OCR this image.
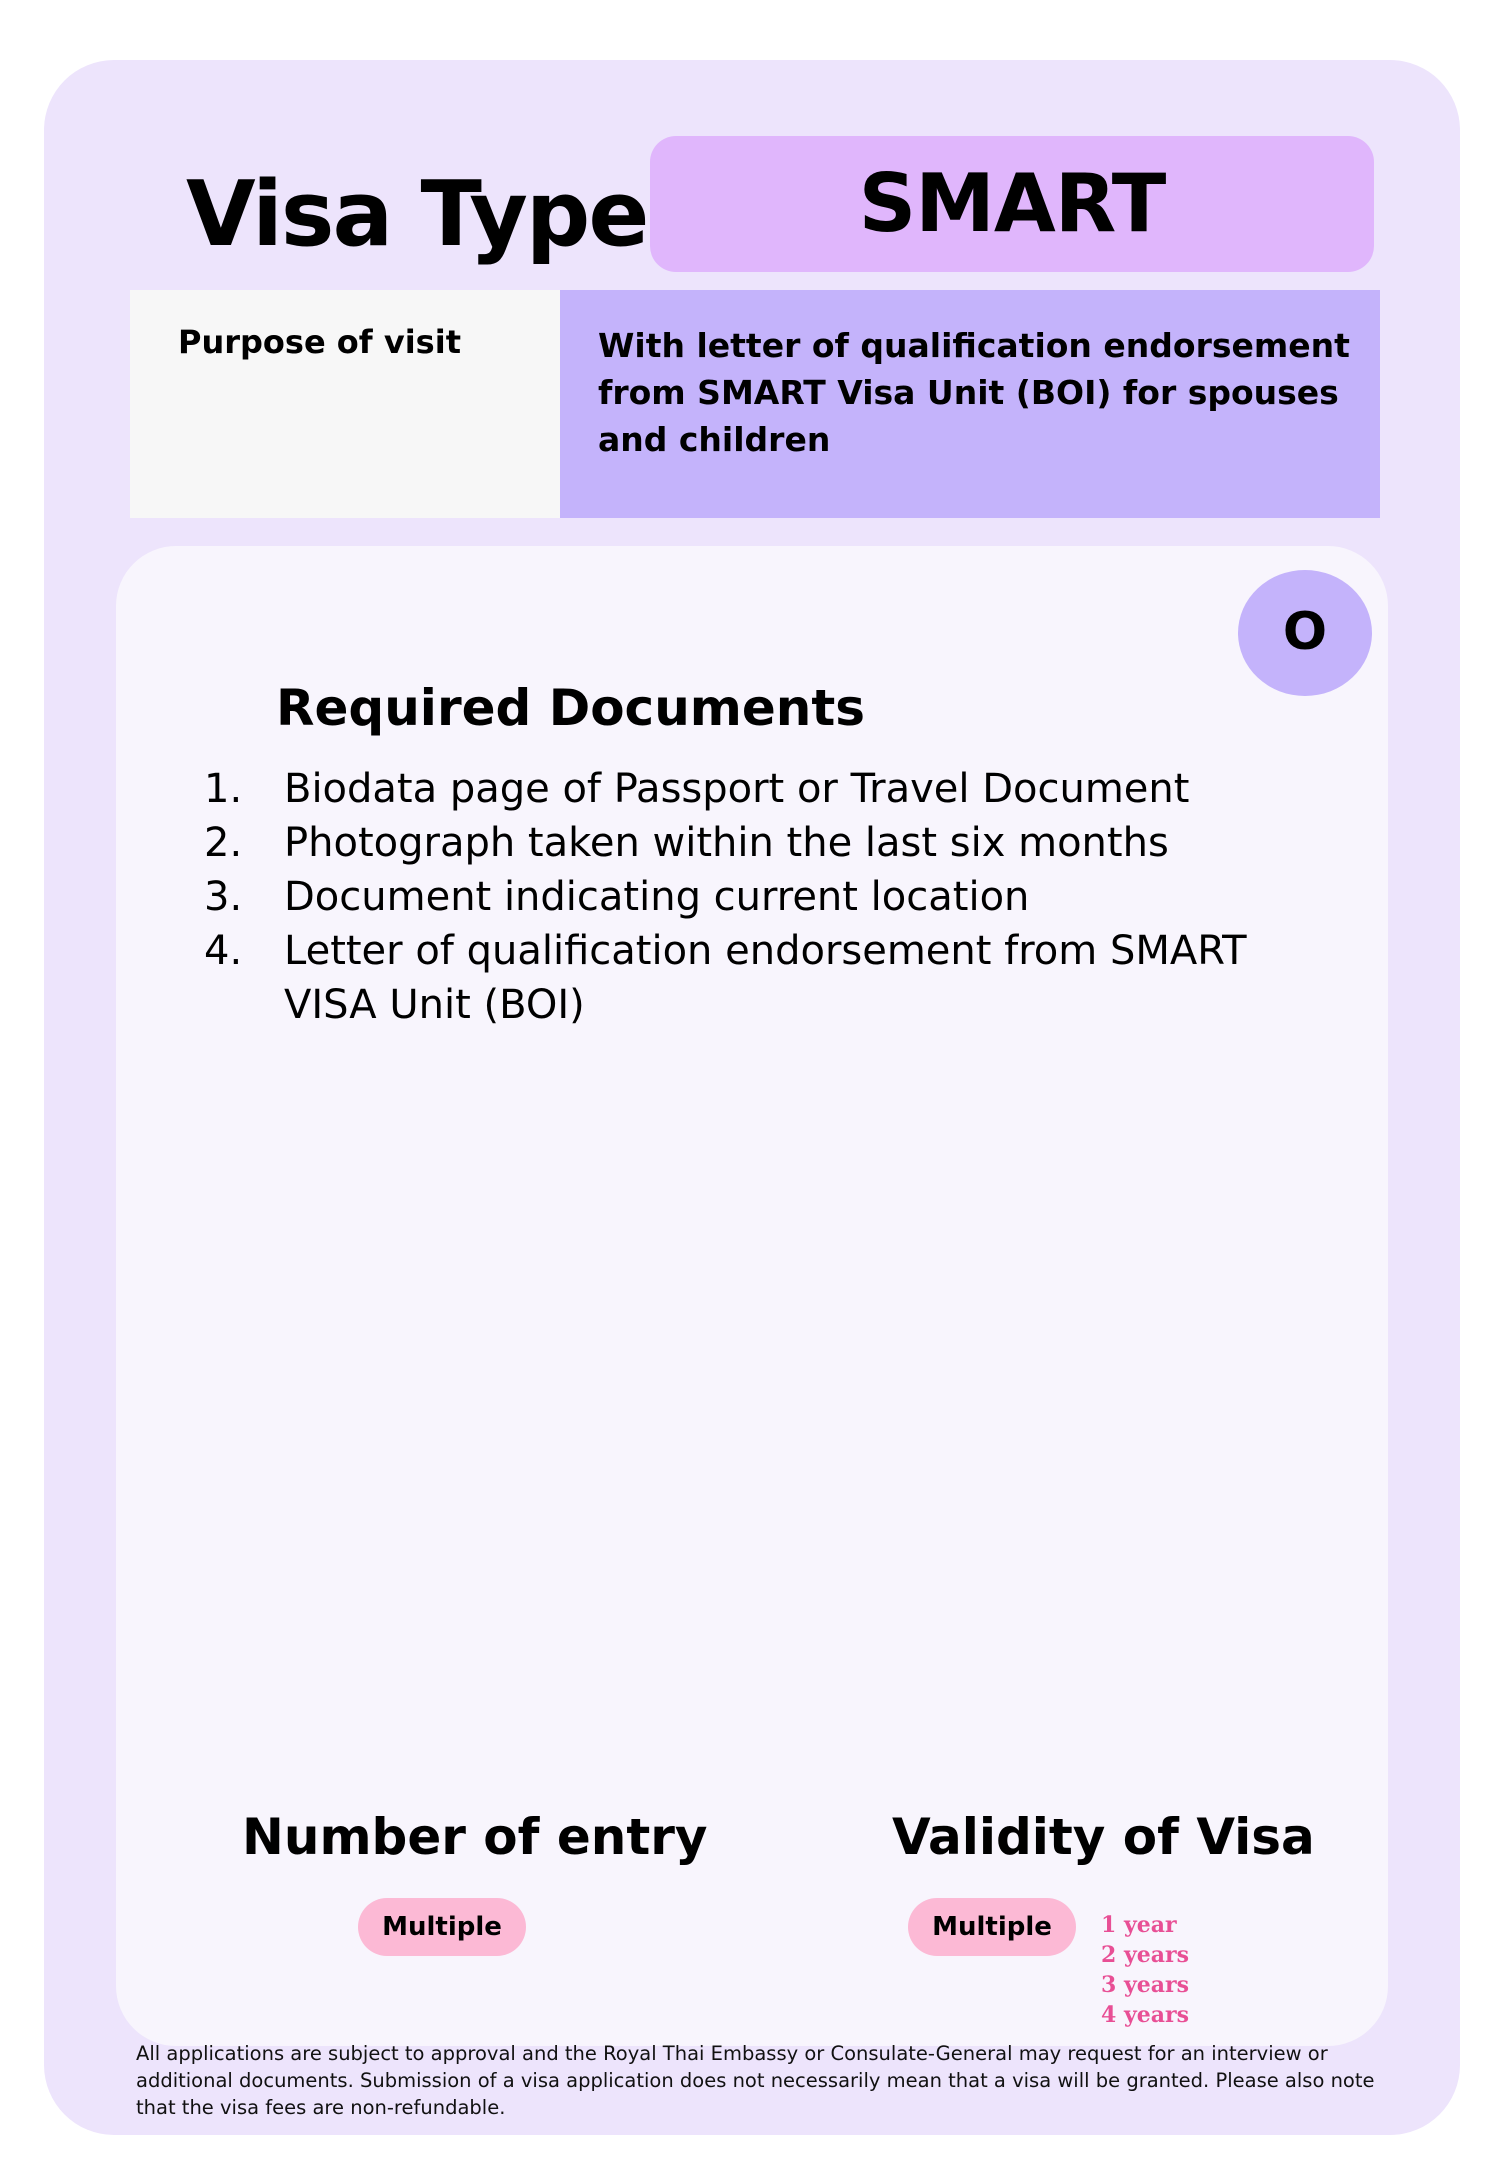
Visa Type	SMART
Purpose of visit	With letter of qualification endorsement from SMART Visa Unit (BOI) for spouses and children
O
Required Documents
1. Biodata page of Passport or Travel Document
2. Photograph taken within the last six months
3. Document indicating current location
4. Letter of qualification endorsement from SMART VISA Unit (BOI)
Number of entry	Validity of Visa
Multiple	Multiple	1 year
2 years
3 years
4 years
All applications are subject to approval and the Royal Thai Embassy or Consulate-General may request for an interview or additional documents. Submission of a visa application does not necessarily mean that a visa will be granted. Please also note that the visa fees are non-refundable.
